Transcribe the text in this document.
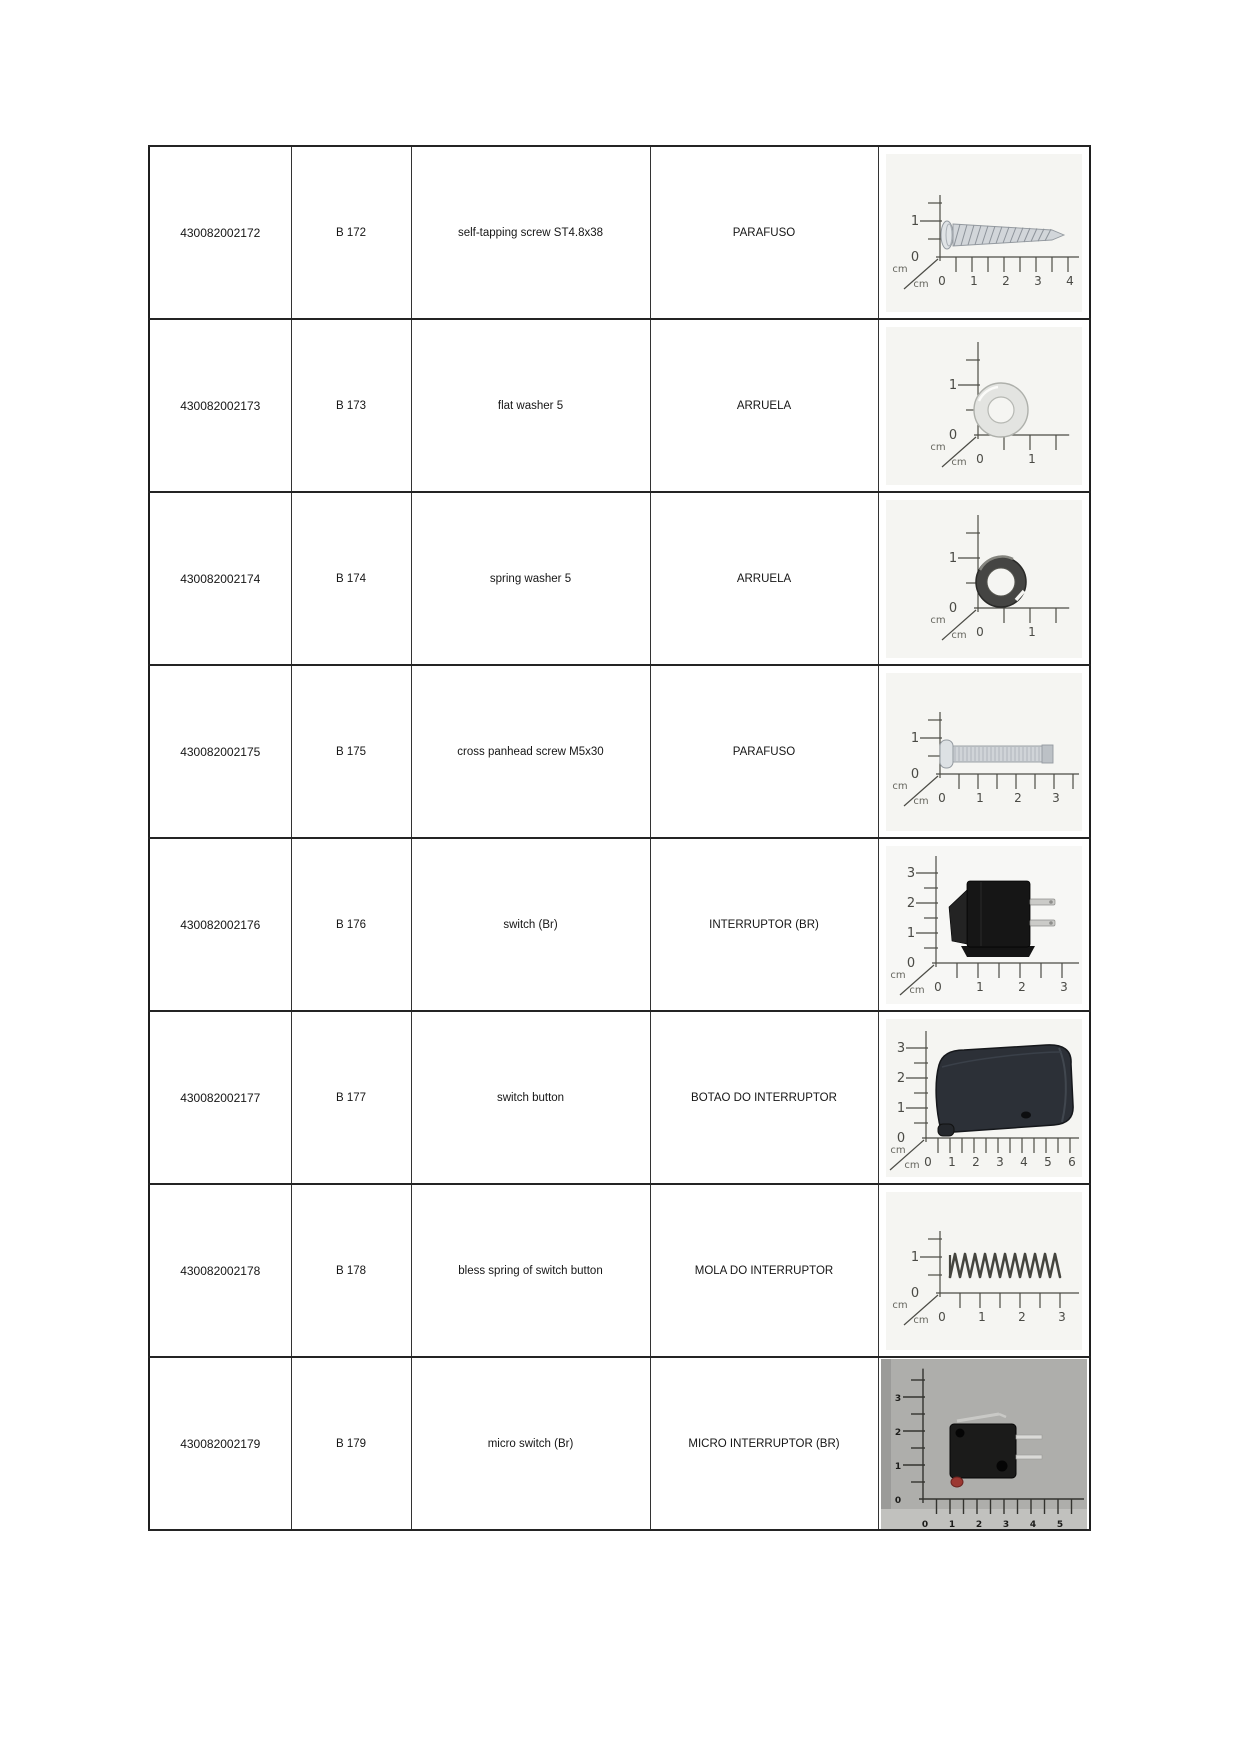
430082002172	B 172	self-tapping screw ST4.8x38	PARAFUSO	
cm
cm
0
1
0 1 2 3 4

430082002173	B 173	flat washer 5	ARRUELA	
cm
cm
0
1
0	1

430082002174	B 174	spring washer 5	ARRUELA	
cm
cm
0
1
0	1

430082002175	B 175	cross panhead screw M5x30	PARAFUSO	
cm
cm
0
1
0	1	2	3

430082002176	B 176	switch (Br)	INTERRUPTOR (BR)	
cm
cm
0
1
2
3
0	1	2	3

430082002177	B 177	switch button	BOTAO DO INTERRUPTOR	
cm
cm
0
1
2
3
0 1 2 3 4 5 6

430082002178	B 178	bless spring of switch button	MOLA DO INTERRUPTOR	
cm
cm
0
1
0	1	2	3

430082002179	B 179	micro switch (Br)	MICRO INTERRUPTOR (BR)	
0
1
2
3
0 1 2 3 4 5
